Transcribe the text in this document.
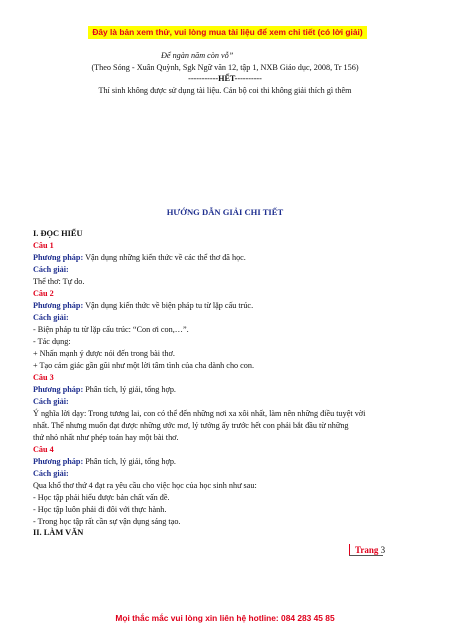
Đây là bản xem thử, vui lòng mua tài liệu để xem chi tiết (có lời giải)
Để ngàn năm còn vỗ”
(Theo Sóng - Xuân Quỳnh, Sgk Ngữ văn 12, tập 1, NXB Giáo dục, 2008, Tr 156)
-----------HẾT----------
Thí sinh không được sử dụng tài liệu. Cán bộ coi thi không giải thích gì thêm
HƯỚNG DẪN GIẢI CHI TIẾT
I. ĐỌC HIỂU
Câu 1
Phương pháp: Vận dụng những kiến thức về các thể thơ đã học.
Cách giải:
Thể thơ: Tự do.
Câu 2
Phương pháp: Vận dụng kiến thức về biện pháp tu từ lặp cấu trúc.
Cách giải:
- Biện pháp tu từ lặp cấu trúc: “Con ơi con,…”.
- Tác dụng:
+ Nhấn mạnh ý được nói đến trong bài thơ.
+ Tạo cảm giác gần gũi như một lời tâm tình của cha dành cho con.
Câu 3
Phương pháp: Phân tích, lý giải, tổng hợp.
Cách giải:
Ý nghĩa lời dạy: Trong tương lai, con có thể đến những nơi xa xôi nhất, làm nên những điều tuyệt vời
nhất. Thế nhưng muốn đạt được những ước mơ, lý tưởng ấy trước hết con phải bắt đầu từ những
thứ nhỏ nhất như phép toán hay một bài thơ.
Câu 4
Phương pháp: Phân tích, lý giải, tổng hợp.
Cách giải:
Qua khổ thơ thứ 4 đạt ra yêu cầu cho việc học của học sinh như sau:
- Học tập phải hiểu được bản chất vấn đề.
- Học tập luôn phải đi đôi với thực hành.
- Trong học tập rất cần sự vận dụng sáng tạo.
II. LÀM VĂN
Trang 3
Mọi thắc mắc vui lòng xin liên hệ hotline: 084 283 45 85
